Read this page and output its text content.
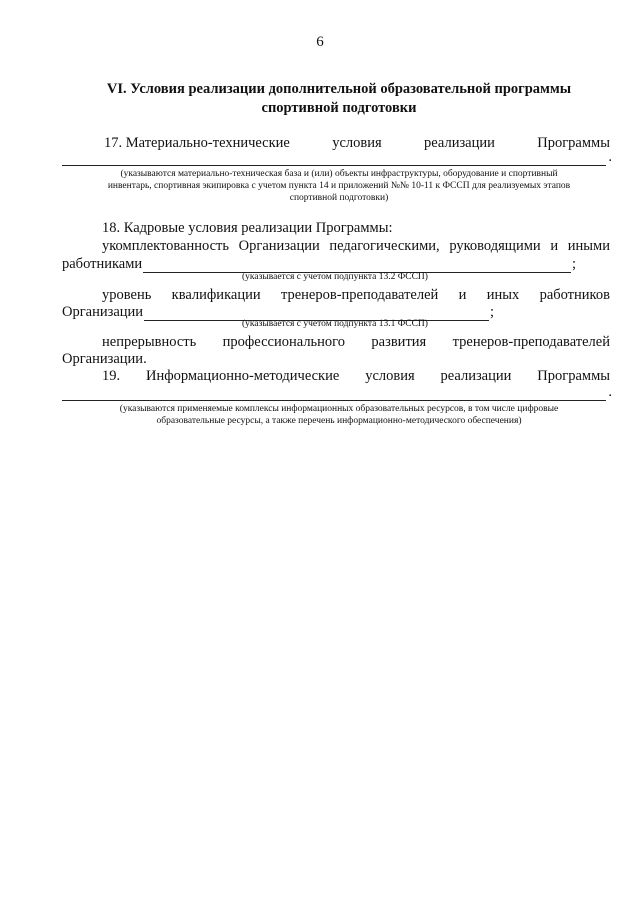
6
VI. Условия реализации дополнительной образовательной программы
спортивной подготовки
17. Материально-технические	условия	реализации	Программы
.
(указываются материально-техническая база и (или) объекты инфраструктуры, оборудование и спортивный
инвентарь, спортивная экипировка с учетом пункта 14 и приложений №№ 10-11 к ФССП для реализуемых этапов
спортивной подготовки)
18. Кадровые условия реализации Программы:
укомплектованность Организации педагогическими, руководящими и иными
работниками	;
(указывается с учетом подпункта 13.2 ФССП)
уровень квалификации тренеров-преподавателей и иных работников
Организации	;
(указывается с учетом подпункта 13.1 ФССП)
непрерывность профессионального развития тренеров-преподавателей
Организации.
19. Информационно-методические условия реализации Программы
.
(указываются применяемые комплексы информационных образовательных ресурсов, в том числе цифровые
образовательные ресурсы, а также перечень информационно-методического обеспечения)
